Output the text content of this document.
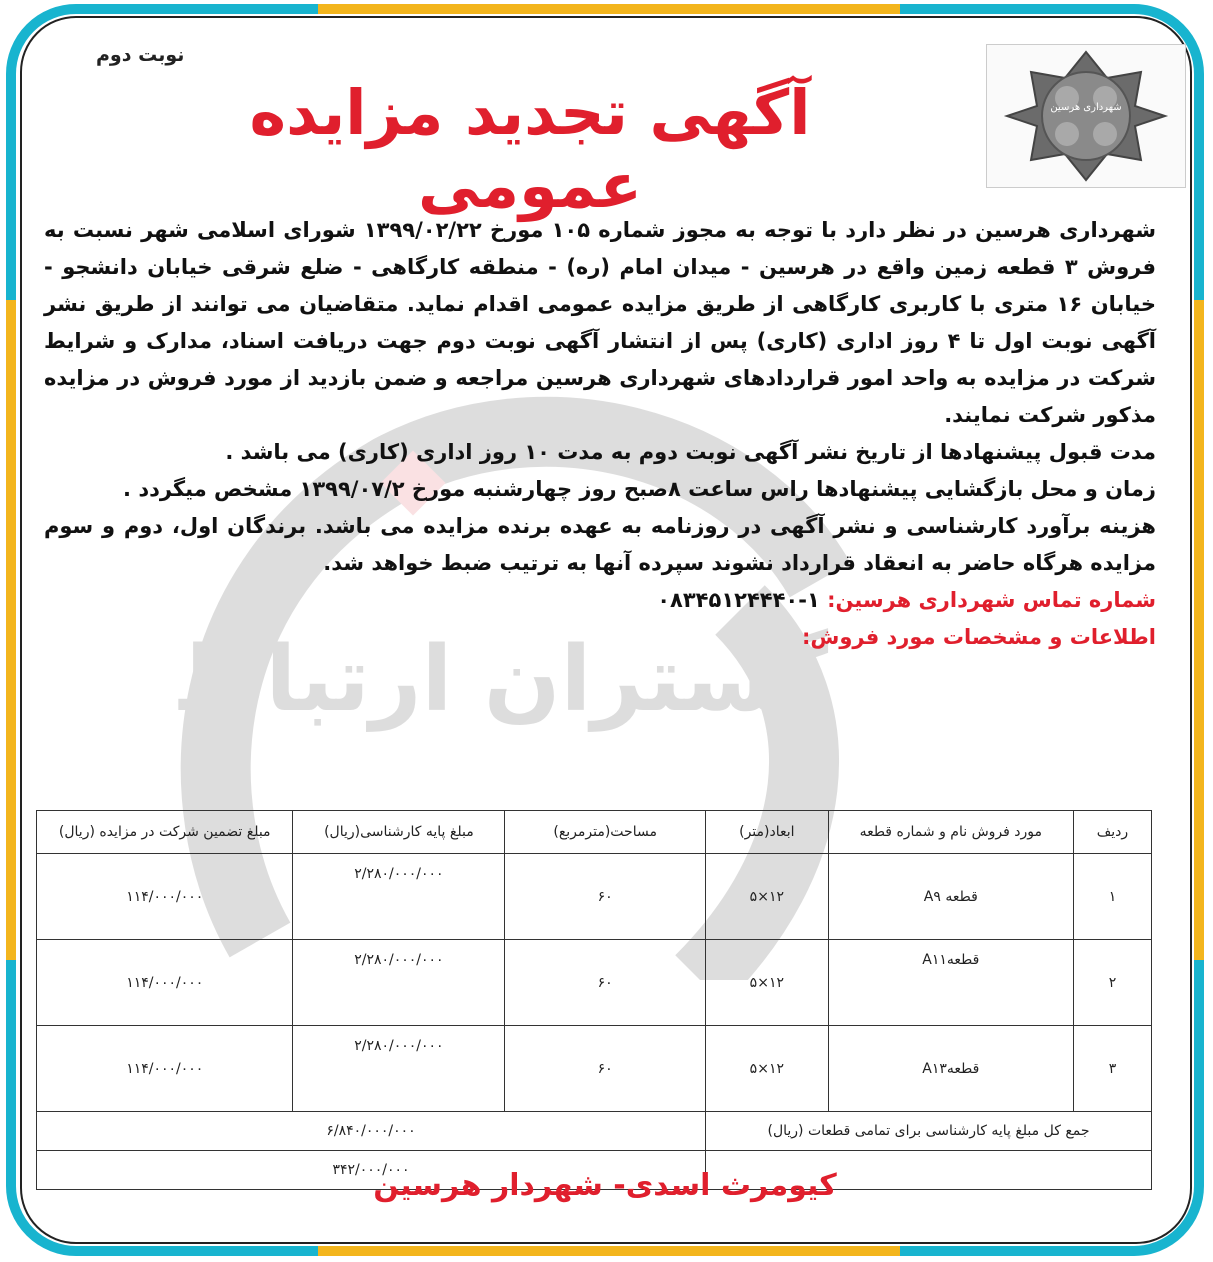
گستران ارتباط
شهرداری هرسین
نوبت دوم
آگهی تجدید مزایده عمومی

شهرداری هرسین در نظر دارد با توجه به مجوز شماره ۱۰۵ مورخ ۱۳۹۹/۰۲/۲۲ شورای اسلامی شهر نسبت به فروش ۳ قطعه زمین واقع در هرسین - میدان امام (ره) - منطقه کارگاهی - ضلع شرقی خیابان دانشجو - خیابان ۱۶ متری با کاربری کارگاهی از طریق مزایده عمومی اقدام نماید. متقاضیان می توانند از طریق نشر آگهی نوبت اول تا ۴ روز اداری (کاری) پس از انتشار آگهی نوبت دوم جهت دریافت اسناد، مدارک و شرایط شرکت در مزایده به واحد امور قراردادهای شهرداری هرسین مراجعه و ضمن بازدید از مورد فروش در مزایده مذکور شرکت نمایند.

مدت قبول پیشنهادها از تاریخ نشر آگهی نوبت دوم به مدت ۱۰ روز اداری (کاری) می باشد .

زمان و محل بازگشایی پیشنهادها راس ساعت ۸صبح روز چهارشنبه مورخ ۱۳۹۹/۰۷/۲ مشخص میگردد .

هزینه برآورد کارشناسی و نشر آگهی در روزنامه به عهده برنده مزایده می باشد. برندگان اول، دوم و سوم مزایده هرگاه حاضر به انعقاد قرارداد نشوند سپرده آنها به ترتیب ضبط خواهد شد.

شماره تماس شهرداری هرسین: ۱-۰۸۳۴۵۱۲۴۴۴۰

اطلاعات و مشخصات مورد فروش:

ردیف	مورد فروش نام و شماره قطعه	ابعاد(متر)	مساحت(مترمربع)	مبلغ پایه کارشناسی(ریال)	مبلغ تضمین شرکت در مزایده (ریال)
۱	قطعه A۹	۱۲×۵	۶۰	۲/۲۸۰/۰۰۰/۰۰۰	۱۱۴/۰۰۰/۰۰۰
۲	قطعهA۱۱	۱۲×۵	۶۰	۲/۲۸۰/۰۰۰/۰۰۰	۱۱۴/۰۰۰/۰۰۰
۳	قطعهA۱۳	۱۲×۵	۶۰	۲/۲۸۰/۰۰۰/۰۰۰	۱۱۴/۰۰۰/۰۰۰
جمع کل مبلغ پایه کارشناسی برای تمامی قطعات (ریال)			۶/۸۴۰/۰۰۰/۰۰۰		
			۳۴۲/۰۰۰/۰۰۰		
کیومرث اسدی- شهردار هرسین
